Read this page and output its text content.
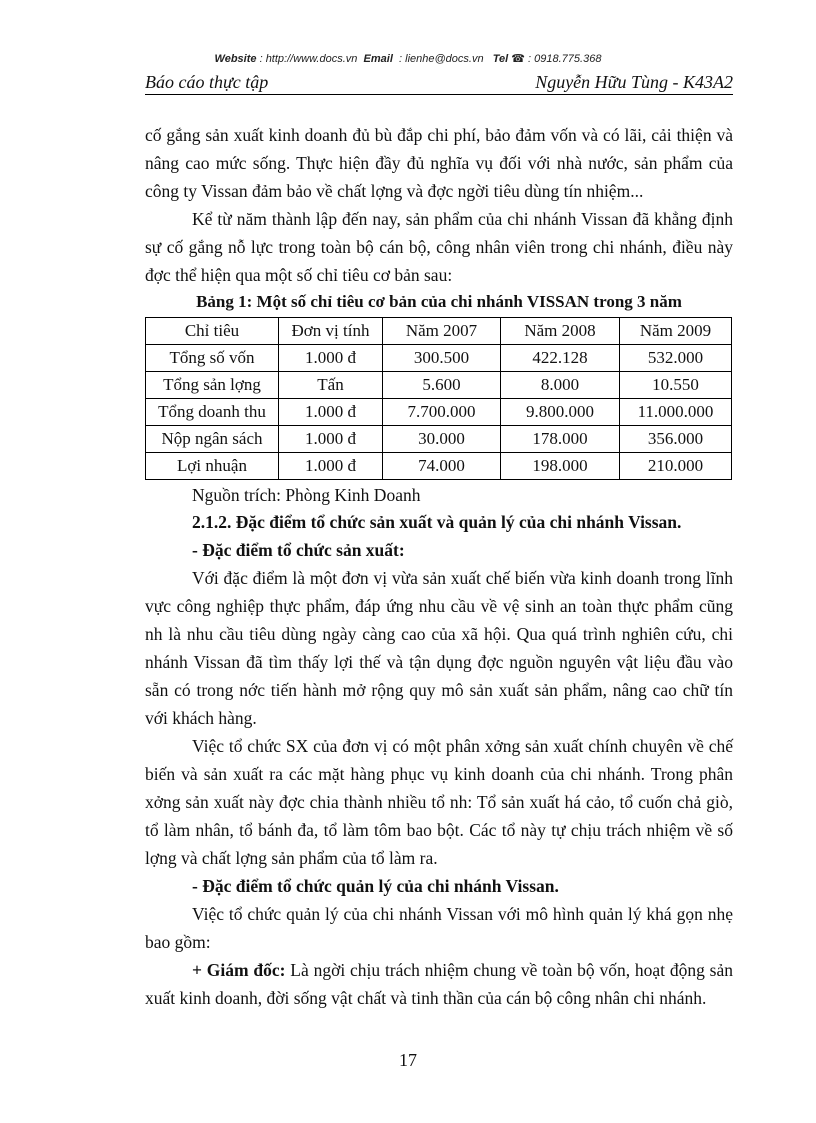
Website : http://www.docs.vn Email : lienhe@docs.vn Tel ☎ : 0918.775.368
Báo cáo thực tập	Nguyễn Hữu Tùng - K43A2

cố gắng sản xuất kinh doanh đủ bù đắp chi phí, bảo đảm vốn và có lãi, cải thiện và nâng cao mức sống. Thực hiện đầy đủ nghĩa vụ đối với nhà nước, sản phẩm của công ty Vissan đảm bảo về chất lợng và đợc ngời tiêu dùng tín nhiệm...

Kể từ năm thành lập đến nay, sản phẩm của chi nhánh Vissan đã khẳng định sự cố gắng nỗ lực trong toàn bộ cán bộ, công nhân viên trong chi nhánh, điều này đợc thể hiện qua một số chỉ tiêu cơ bản sau:

Bảng 1: Một số chỉ tiêu cơ bản của chi nhánh VISSAN trong 3 năm

Chỉ tiêu	Đơn vị tính	Năm 2007	Năm 2008	Năm 2009
Tổng số vốn	1.000 đ	300.500	422.128	532.000
Tổng sản lợng	Tấn	5.600	8.000	10.550
Tổng doanh thu	1.000 đ	7.700.000	9.800.000	11.000.000
Nộp ngân sách	1.000 đ	30.000	178.000	356.000
Lợi nhuận	1.000 đ	74.000	198.000	210.000

Nguồn trích: Phòng Kinh Doanh

2.1.2. Đặc điểm tổ chức sản xuất và quản lý của chi nhánh Vissan.

- Đặc điểm tổ chức sản xuất:

Với đặc điểm là một đơn vị vừa sản xuất chế biến vừa kinh doanh trong lĩnh vực công nghiệp thực phẩm, đáp ứng nhu cầu về vệ sinh an toàn thực phẩm cũng nh là nhu cầu tiêu dùng ngày càng cao của xã hội. Qua quá trình nghiên cứu, chi nhánh Vissan đã tìm thấy lợi thế và tận dụng đợc nguồn nguyên vật liệu đầu vào sẵn có trong nớc tiến hành mở rộng quy mô sản xuất sản phẩm, nâng cao chữ tín với khách hàng.

Việc tổ chức SX của đơn vị có một phân xởng sản xuất chính chuyên về chế biến và sản xuất ra các mặt hàng phục vụ kinh doanh của chi nhánh. Trong phân xởng sản xuất này đợc chia thành nhiều tổ nh: Tổ sản xuất há cảo, tổ cuốn chả giò, tổ làm nhân, tổ bánh đa, tổ làm tôm bao bột. Các tổ này tự chịu trách nhiệm về số lợng và chất lợng sản phẩm của tổ làm ra.

- Đặc điểm tổ chức quản lý của chi nhánh Vissan.

Việc tổ chức quản lý của chi nhánh Vissan với mô hình quản lý khá gọn nhẹ bao gồm:

+ Giám đốc: Là ngời chịu trách nhiệm chung về toàn bộ vốn, hoạt động sản xuất kinh doanh, đời sống vật chất và tinh thần của cán bộ công nhân chi nhánh.

17
